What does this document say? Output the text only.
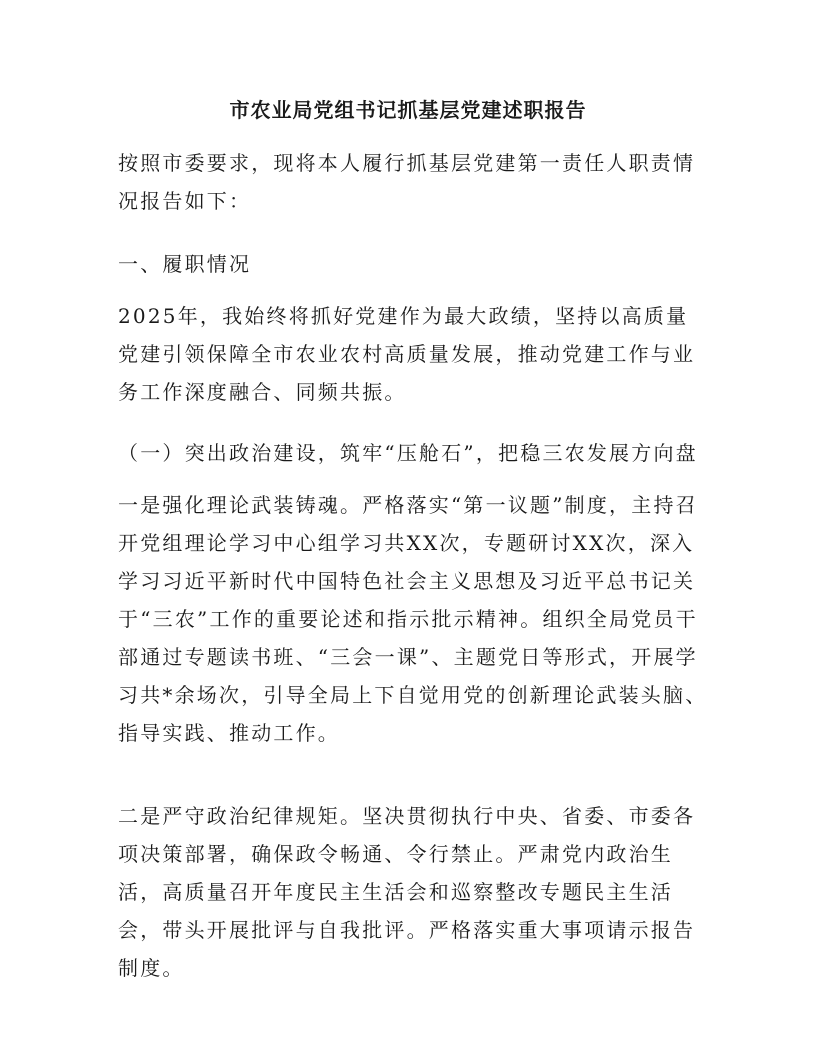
市农业局党组书记抓基层党建述职报告

按照市委要求，现将本人履行抓基层党建第一责任人职责情况报告如下：

一、履职情况

2025年，我始终将抓好党建作为最大政绩，坚持以高质量党建引领保障全市农业农村高质量发展，推动党建工作与业务工作深度融合、同频共振。

（一）突出政治建设，筑牢“压舱石”，把稳三农发展方向盘

一是强化理论武装铸魂。严格落实“第一议题”制度，主持召开党组理论学习中心组学习共XX次，专题研讨XX次，深入学习习近平新时代中国特色社会主义思想及习近平总书记关于“三农”工作的重要论述和指示批示精神。组织全局党员干部通过专题读书班、“三会一课”、主题党日等形式，开展学习共*余场次，引导全局上下自觉用党的创新理论武装头脑、指导实践、推动工作。

二是严守政治纪律规矩。坚决贯彻执行中央、省委、市委各项决策部署，确保政令畅通、令行禁止。严肃党内政治生活，高质量召开年度民主生活会和巡察整改专题民主生活会，带头开展批评与自我批评。严格落实重大事项请示报告制度。
